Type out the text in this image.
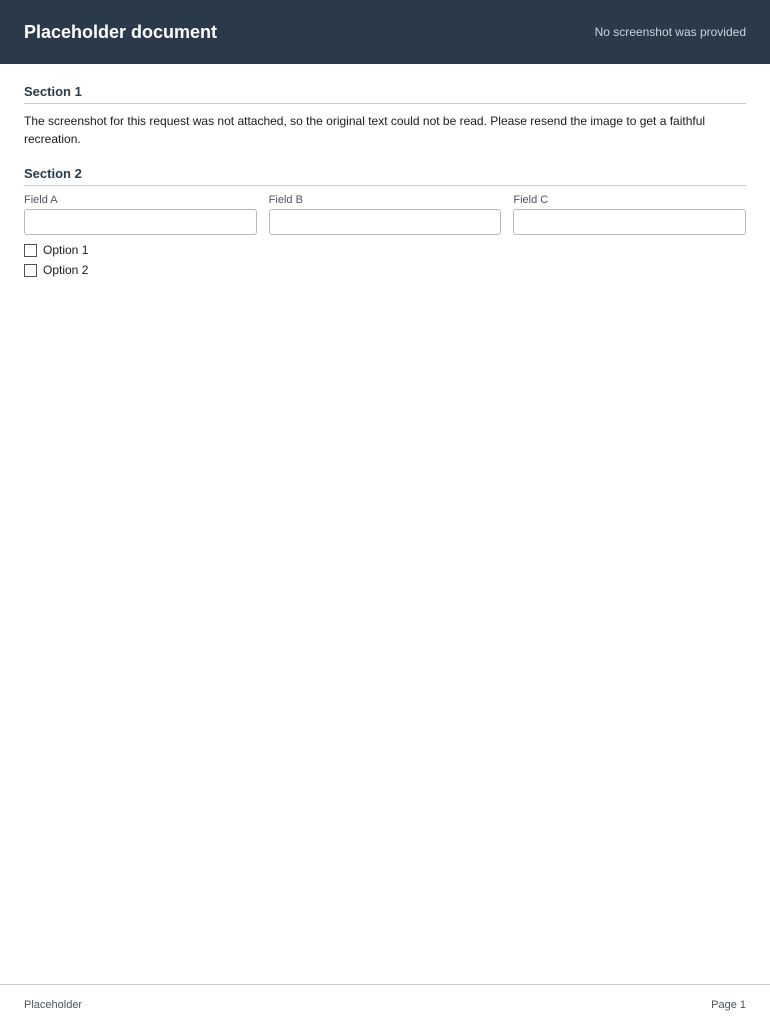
Placeholder document	No screenshot was provided
Section 1
The screenshot for this request was not attached, so the original text could not be read. Please resend the image to get a faithful recreation.
Section 2
Field A	Field B	Field C
Option 1
Option 2
Placeholder	Page 1
